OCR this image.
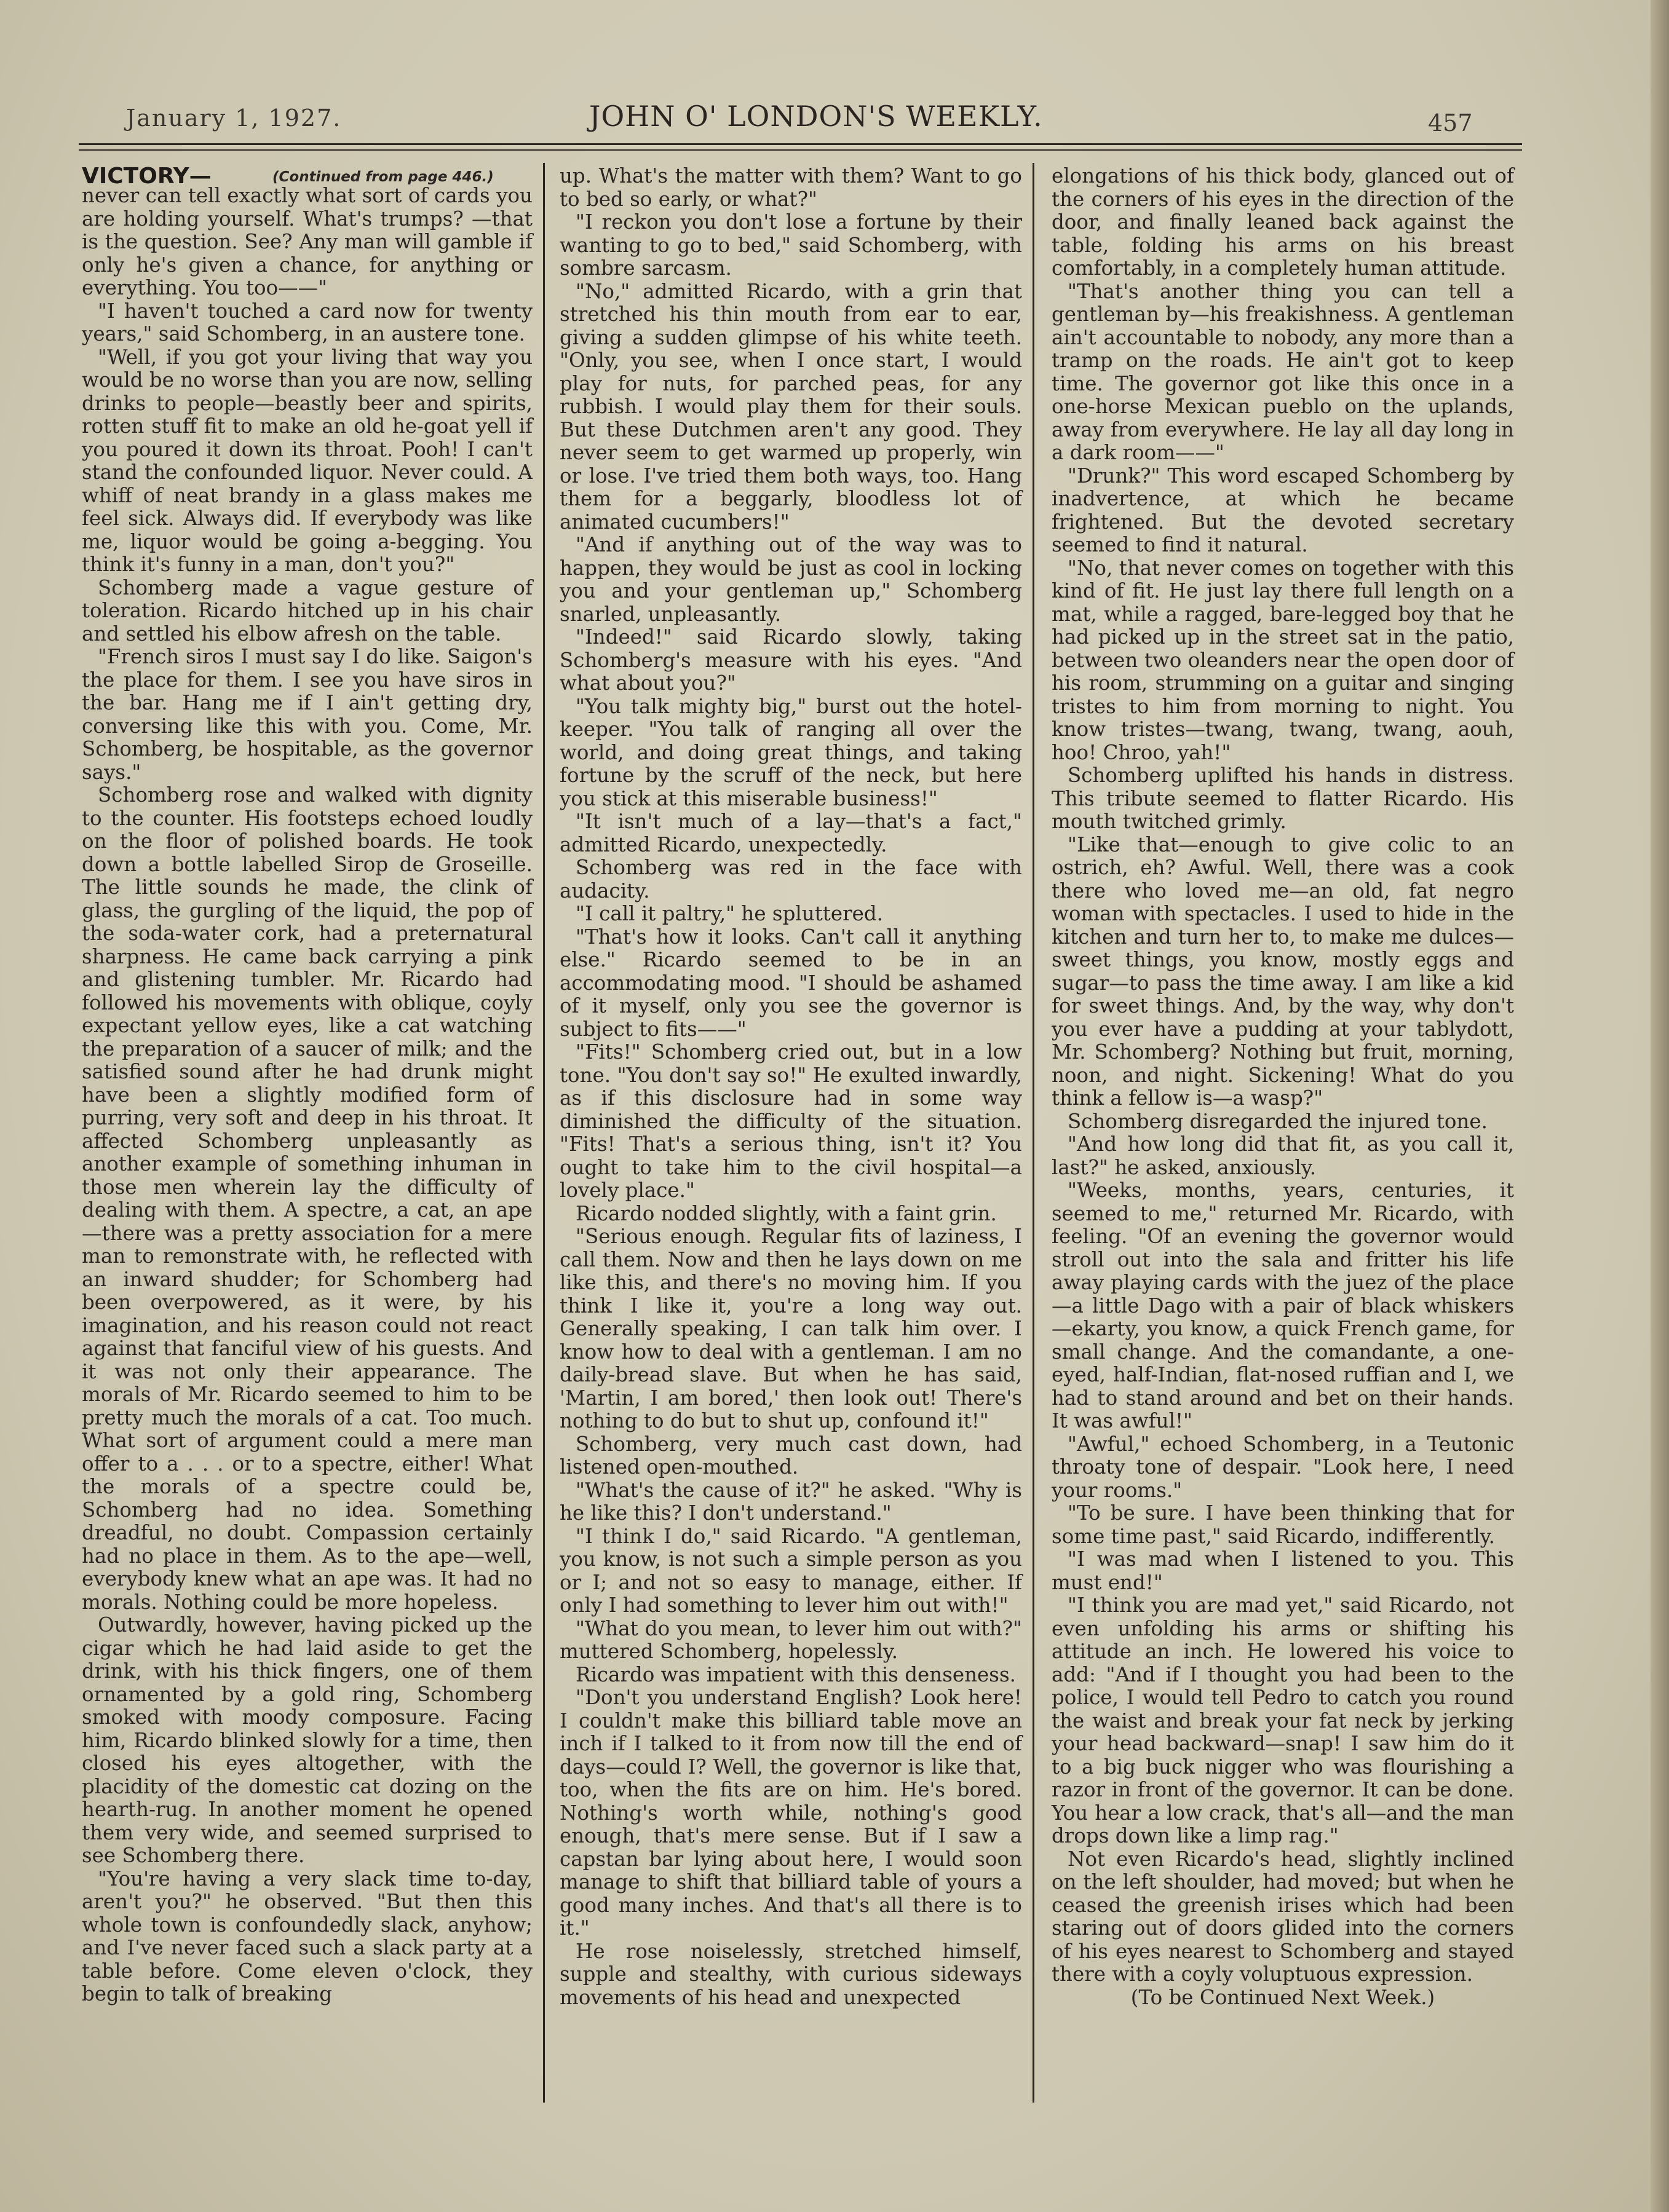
January 1, 1927.	JOHN O' LONDON'S WEEKLY.	457
VICTORY—	(Continued from page 446.)

never can tell exactly what sort of cards you are holding yourself. What's trumps? —that is the question. See? Any man will gamble if only he's given a chance, for anything or everything. You too——"

"I haven't touched a card now for twenty years," said Schomberg, in an austere tone.

"Well, if you got your living that way you would be no worse than you are now, selling drinks to people—beastly beer and spirits, rotten stuff fit to make an old he-goat yell if you poured it down its throat. Pooh! I can't stand the confounded liquor. Never could. A whiff of neat brandy in a glass makes me feel sick. Always did. If everybody was like me, liquor would be going a-begging. You think it's funny in a man, don't you?"

Schomberg made a vague gesture of toleration. Ricardo hitched up in his chair and settled his elbow afresh on the table.

"French siros I must say I do like. Saigon's the place for them. I see you have siros in the bar. Hang me if I ain't getting dry, conversing like this with you. Come, Mr. Schomberg, be hospitable, as the governor says."

Schomberg rose and walked with dignity to the counter. His footsteps echoed loudly on the floor of polished boards. He took down a bottle labelled Sirop de Groseille. The little sounds he made, the clink of glass, the gurgling of the liquid, the pop of the soda-water cork, had a preternatural sharpness. He came back carrying a pink and glistening tumbler. Mr. Ricardo had followed his movements with oblique, coyly expectant yellow eyes, like a cat watching the preparation of a saucer of milk; and the satisfied sound after he had drunk might have been a slightly modified form of purring, very soft and deep in his throat. It affected Schomberg unpleasantly as another example of something inhuman in those men wherein lay the difficulty of dealing with them. A spectre, a cat, an ape—there was a pretty association for a mere man to remonstrate with, he reflected with an inward shudder; for Schomberg had been overpowered, as it were, by his imagination, and his reason could not react against that fanciful view of his guests. And it was not only their appearance. The morals of Mr. Ricardo seemed to him to be pretty much the morals of a cat. Too much. What sort of argument could a mere man offer to a . . . or to a spectre, either! What the morals of a spectre could be, Schomberg had no idea. Something dreadful, no doubt. Compassion certainly had no place in them. As to the ape—well, everybody knew what an ape was. It had no morals. Nothing could be more hopeless.

Outwardly, however, having picked up the cigar which he had laid aside to get the drink, with his thick fingers, one of them ornamented by a gold ring, Schomberg smoked with moody composure. Facing him, Ricardo blinked slowly for a time, then closed his eyes altogether, with the placidity of the domestic cat dozing on the hearth-rug. In another moment he opened them very wide, and seemed surprised to see Schomberg there.

"You're having a very slack time to-day, aren't you?" he observed. "But then this whole town is confoundedly slack, anyhow; and I've never faced such a slack party at a table before. Come eleven o'clock, they begin to talk of breaking

up. What's the matter with them? Want to go to bed so early, or what?"

"I reckon you don't lose a fortune by their wanting to go to bed," said Schomberg, with sombre sarcasm.

"No," admitted Ricardo, with a grin that stretched his thin mouth from ear to ear, giving a sudden glimpse of his white teeth. "Only, you see, when I once start, I would play for nuts, for parched peas, for any rubbish. I would play them for their souls. But these Dutchmen aren't any good. They never seem to get warmed up properly, win or lose. I've tried them both ways, too. Hang them for a beggarly, bloodless lot of animated cucumbers!"

"And if anything out of the way was to happen, they would be just as cool in locking you and your gentleman up," Schomberg snarled, unpleasantly.

"Indeed!" said Ricardo slowly, taking Schomberg's measure with his eyes. "And what about you?"

"You talk mighty big," burst out the hotel-keeper. "You talk of ranging all over the world, and doing great things, and taking fortune by the scruff of the neck, but here you stick at this miserable business!"

"It isn't much of a lay—that's a fact," admitted Ricardo, unexpectedly.

Schomberg was red in the face with audacity.

"I call it paltry," he spluttered.

"That's how it looks. Can't call it anything else." Ricardo seemed to be in an accommodating mood. "I should be ashamed of it myself, only you see the governor is subject to fits——"

"Fits!" Schomberg cried out, but in a low tone. "You don't say so!" He exulted inwardly, as if this disclosure had in some way diminished the difficulty of the situation. "Fits! That's a serious thing, isn't it? You ought to take him to the civil hospital—a lovely place."

Ricardo nodded slightly, with a faint grin.

"Serious enough. Regular fits of laziness, I call them. Now and then he lays down on me like this, and there's no moving him. If you think I like it, you're a long way out. Generally speaking, I can talk him over. I know how to deal with a gentleman. I am no daily-bread slave. But when he has said, 'Martin, I am bored,' then look out! There's nothing to do but to shut up, confound it!"

Schomberg, very much cast down, had listened open-mouthed.

"What's the cause of it?" he asked. "Why is he like this? I don't understand."

"I think I do," said Ricardo. "A gentleman, you know, is not such a simple person as you or I; and not so easy to manage, either. If only I had something to lever him out with!"

"What do you mean, to lever him out with?" muttered Schomberg, hopelessly.

Ricardo was impatient with this denseness.

"Don't you understand English? Look here! I couldn't make this billiard table move an inch if I talked to it from now till the end of days—could I? Well, the governor is like that, too, when the fits are on him. He's bored. Nothing's worth while, nothing's good enough, that's mere sense. But if I saw a capstan bar lying about here, I would soon manage to shift that billiard table of yours a good many inches. And that's all there is to it."

He rose noiselessly, stretched himself, supple and stealthy, with curious sideways movements of his head and unexpected

elongations of his thick body, glanced out of the corners of his eyes in the direction of the door, and finally leaned back against the table, folding his arms on his breast comfortably, in a completely human attitude.

"That's another thing you can tell a gentleman by—his freakishness. A gentleman ain't accountable to nobody, any more than a tramp on the roads. He ain't got to keep time. The governor got like this once in a one-horse Mexican pueblo on the uplands, away from everywhere. He lay all day long in a dark room——"

"Drunk?" This word escaped Schomberg by inadvertence, at which he became frightened. But the devoted secretary seemed to find it natural.

"No, that never comes on together with this kind of fit. He just lay there full length on a mat, while a ragged, bare-legged boy that he had picked up in the street sat in the patio, between two oleanders near the open door of his room, strumming on a guitar and singing tristes to him from morning to night. You know tristes—twang, twang, twang, aouh, hoo! Chroo, yah!"

Schomberg uplifted his hands in distress. This tribute seemed to flatter Ricardo. His mouth twitched grimly.

"Like that—enough to give colic to an ostrich, eh? Awful. Well, there was a cook there who loved me—an old, fat negro woman with spectacles. I used to hide in the kitchen and turn her to, to make me dulces—sweet things, you know, mostly eggs and sugar—to pass the time away. I am like a kid for sweet things. And, by the way, why don't you ever have a pudding at your tablydott, Mr. Schomberg? Nothing but fruit, morning, noon, and night. Sickening! What do you think a fellow is—a wasp?"

Schomberg disregarded the injured tone.

"And how long did that fit, as you call it, last?" he asked, anxiously.

"Weeks, months, years, centuries, it seemed to me," returned Mr. Ricardo, with feeling. "Of an evening the governor would stroll out into the sala and fritter his life away playing cards with the juez of the place—a little Dago with a pair of black whiskers—ekarty, you know, a quick French game, for small change. And the comandante, a one-eyed, half-Indian, flat-nosed ruffian and I, we had to stand around and bet on their hands. It was awful!"

"Awful," echoed Schomberg, in a Teutonic throaty tone of despair. "Look here, I need your rooms."

"To be sure. I have been thinking that for some time past," said Ricardo, indifferently.

"I was mad when I listened to you. This must end!"

"I think you are mad yet," said Ricardo, not even unfolding his arms or shifting his attitude an inch. He lowered his voice to add: "And if I thought you had been to the police, I would tell Pedro to catch you round the waist and break your fat neck by jerking your head backward—snap! I saw him do it to a big buck nigger who was flourishing a razor in front of the governor. It can be done. You hear a low crack, that's all—and the man drops down like a limp rag."

Not even Ricardo's head, slightly inclined on the left shoulder, had moved; but when he ceased the greenish irises which had been staring out of doors glided into the corners of his eyes nearest to Schomberg and stayed there with a coyly voluptuous expression.

(To be Continued Next Week.)
